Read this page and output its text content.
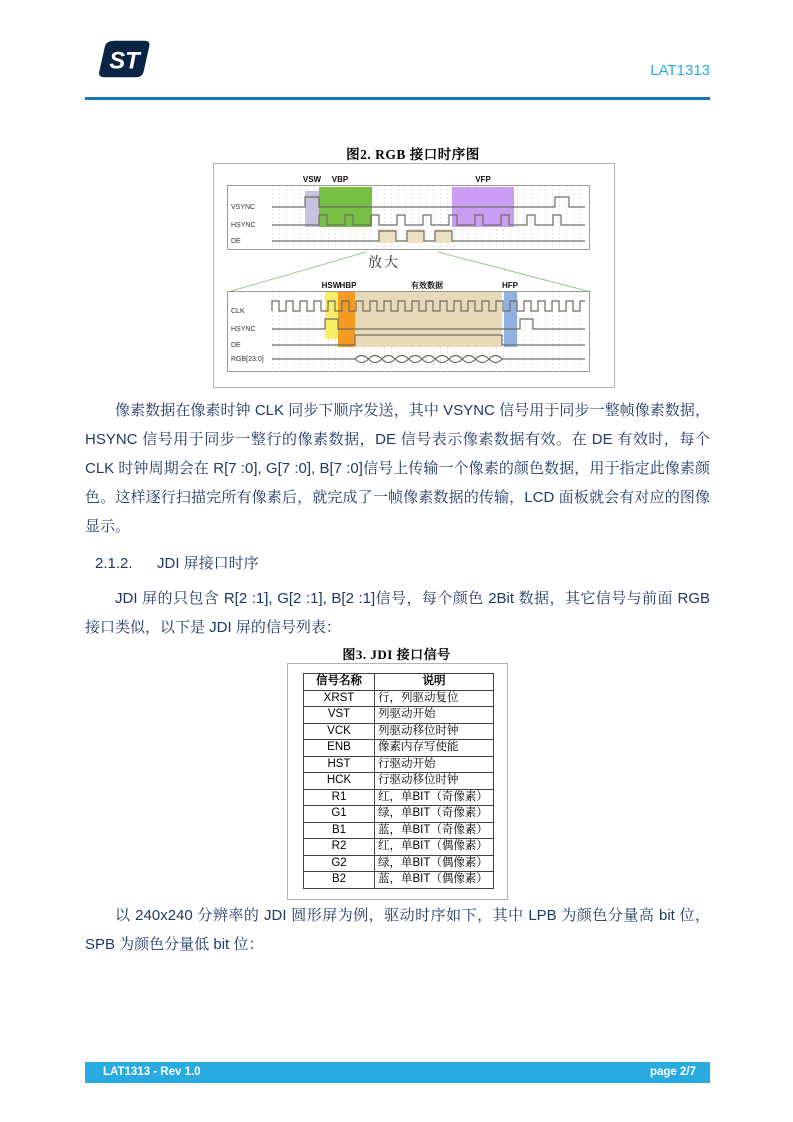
ST	LAT1313
图2. RGB 接口时序图
VSW VBP	VFP
VSYNC
HSYNC
DE
放大
HSW HBP	有效数据	HFP
CLK
HSYNC
DE
RGB[23:0]
像素数据在像素时钟 CLK 同步下顺序发送，其中 VSYNC 信号用于同步一整帧像素数据，HSYNC 信号用于同步一整行的像素数据，DE 信号表示像素数据有效。在 DE 有效时，每个 CLK 时钟周期会在 R[7 :0], G[7 :0], B[7 :0]信号上传输一个像素的颜色数据，用于指定此像素颜色。这样逐行扫描完所有像素后，就完成了一帧像素数据的传输，LCD 面板就会有对应的图像显示。
2.1.2. JDI 屏接口时序
JDI 屏的只包含 R[2 :1], G[2 :1], B[2 :1]信号，每个颜色 2Bit 数据，其它信号与前面 RGB 接口类似，以下是 JDI 屏的信号列表：
图3. JDI 接口信号
信号名称	说明
XRST	行，列驱动复位
VST	列驱动开始
VCK	列驱动移位时钟
ENB	像素内存写使能
HST	行驱动开始
HCK	行驱动移位时钟
R1	红，单BIT（奇像素）
G1	绿，单BIT（奇像素）
B1	蓝，单BIT（奇像素）
R2	红，单BIT（偶像素）
G2	绿，单BIT（偶像素）
B2	蓝，单BIT（偶像素）
以 240x240 分辨率的 JDI 圆形屏为例，驱动时序如下，其中 LPB 为颜色分量高 bit 位，SPB 为颜色分量低 bit 位：
LAT1313 - Rev 1.0	page 2/7
